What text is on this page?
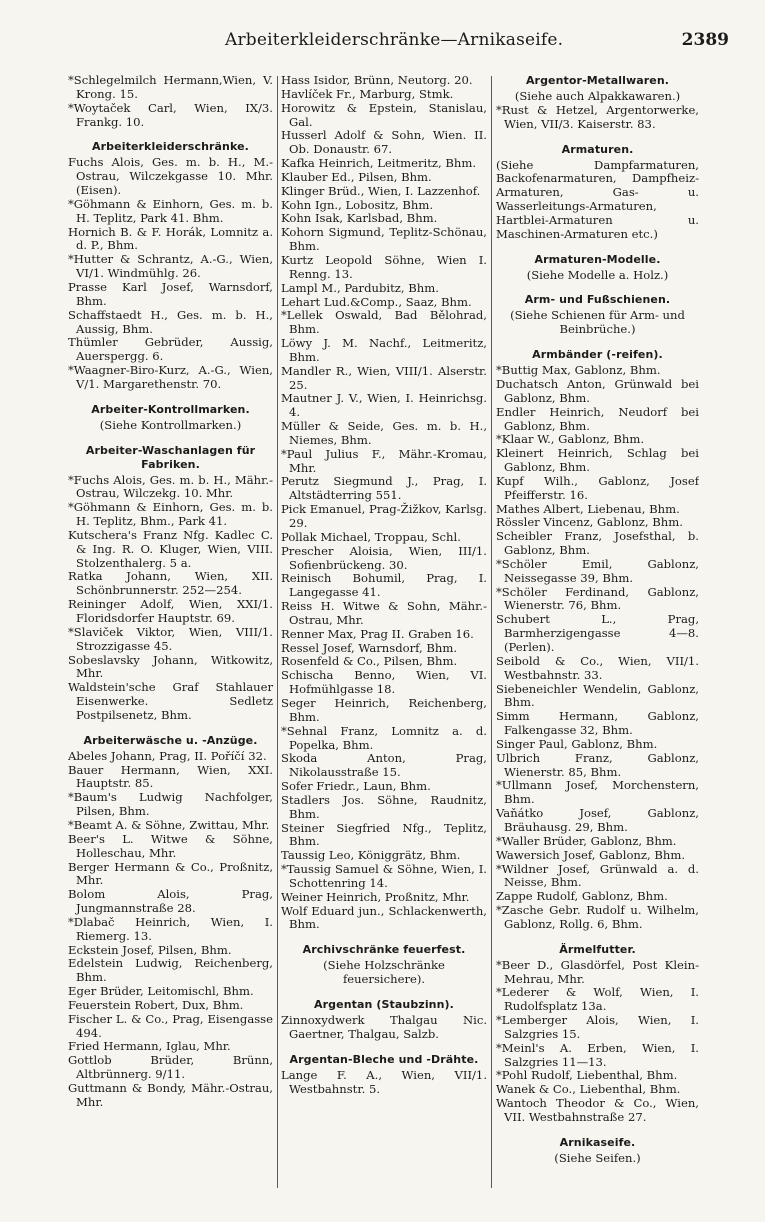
Arbeiterkleiderschränke—Arnikaseife.	2389

*Schlegelmilch Hermann,Wien, V. Krong. 15.

*Woytaček Carl, Wien, IX/3. Frankg. 10.

Arbeiterkleiderschränke.

Fuchs Alois, Ges. m. b. H., M.-Ostrau, Wilczekgasse 10. Mhr. (Eisen).

*Göhmann & Einhorn, Ges. m. b. H. Teplitz, Park 41. Bhm.

Hornich B. & F. Horák, Lomnitz a. d. P., Bhm.

*Hutter & Schrantz, A.-G., Wien, VI/1. Windmühlg. 26.

Prasse Karl Josef, Warnsdorf, Bhm.

Schaffstaedt H., Ges. m. b. H., Aussig, Bhm.

Thümler Gebrüder, Aussig, Auerspergg. 6.

*Waagner-Biro-Kurz, A.-G., Wien, V/1. Margarethenstr. 70.

Arbeiter-Kontrollmarken.

(Siehe Kontrollmarken.)

Arbeiter-Waschanlagen für Fabriken.

*Fuchs Alois, Ges. m. b. H., Mähr.-Ostrau, Wilczekg. 10. Mhr.

*Göhmann & Einhorn, Ges. m. b. H. Teplitz, Bhm., Park 41.

Kutschera's Franz Nfg. Kadlec C. & Ing. R. O. Kluger, Wien, VIII. Stolzenthalerg. 5 a.

Ratka Johann, Wien, XII. Schönbrunnerstr. 252—254.

Reininger Adolf, Wien, XXI/1. Floridsdorfer Hauptstr. 69.

*Slaviček Viktor, Wien, VIII/1. Strozzigasse 45.

Sobeslavsky Johann, Witkowitz, Mhr.

Waldstein'sche Graf Stahlauer Eisenwerke. Sedletz Postpilsenetz, Bhm.

Arbeiterwäsche u. -Anzüge.

Abeles Johann, Prag, II. Poříčí 32.

Bauer Hermann, Wien, XXI. Hauptstr. 85.

*Baum's Ludwig Nachfolger, Pilsen, Bhm.

*Beamt A. & Söhne, Zwittau, Mhr.

Beer's L. Witwe & Söhne, Holleschau, Mhr.

Berger Hermann & Co., Proßnitz, Mhr.

Bolom Alois, Prag, Jungmannstraße 28.

*Dlabač Heinrich, Wien, I. Riemerg. 13.

Eckstein Josef, Pilsen, Bhm.

Edelstein Ludwig, Reichenberg, Bhm.

Eger Brüder, Leitomischl, Bhm.

Feuerstein Robert, Dux, Bhm.

Fischer L. & Co., Prag, Eisengasse 494.

Fried Hermann, Iglau, Mhr.

Gottlob Brüder, Brünn, Altbrünnerg. 9/11.

Guttmann & Bondy, Mähr.-Ostrau, Mhr.

Hass Isidor, Brünn, Neutorg. 20.

Havlíček Fr., Marburg, Stmk.

Horowitz & Epstein, Stanislau, Gal.

Husserl Adolf & Sohn, Wien. II. Ob. Donaustr. 67.

Kafka Heinrich, Leitmeritz, Bhm.

Klauber Ed., Pilsen, Bhm.

Klinger Brüd., Wien, I. Lazzenhof.

Kohn Ign., Lobositz, Bhm.

Kohn Isak, Karlsbad, Bhm.

Kohorn Sigmund, Teplitz-Schönau, Bhm.

Kurtz Leopold Söhne, Wien I. Renng. 13.

Lampl M., Pardubitz, Bhm.

Lehart Lud.&Comp., Saaz, Bhm.

*Lellek Oswald, Bad Bělohrad, Bhm.

Löwy J. M. Nachf., Leitmeritz, Bhm.

Mandler R., Wien, VIII/1. Alserstr. 25.

Mautner J. V., Wien, I. Heinrichsg. 4.

Müller & Seide, Ges. m. b. H., Niemes, Bhm.

*Paul Julius F., Mähr.-Kromau, Mhr.

Perutz Siegmund J., Prag, I. Altstädterring 551.

Pick Emanuel, Prag-Žižkov, Karlsg. 29.

Pollak Michael, Troppau, Schl.

Prescher Aloisia, Wien, III/1. Sofienbrückeng. 30.

Reinisch Bohumil, Prag, I. Langegasse 41.

Reiss H. Witwe & Sohn, Mähr.-Ostrau, Mhr.

Renner Max, Prag II. Graben 16.

Ressel Josef, Warnsdorf, Bhm.

Rosenfeld & Co., Pilsen, Bhm.

Schischa Benno, Wien, VI. Hofmühlgasse 18.

Seger Heinrich, Reichenberg, Bhm.

*Sehnal Franz, Lomnitz a. d. Popelka, Bhm.

Skoda Anton, Prag, Nikolausstraße 15.

Sofer Friedr., Laun, Bhm.

Stadlers Jos. Söhne, Raudnitz, Bhm.

Steiner Siegfried Nfg., Teplitz, Bhm.

Taussig Leo, Königgrätz, Bhm.

*Taussig Samuel & Söhne, Wien, I. Schottenring 14.

Weiner Heinrich, Proßnitz, Mhr.

Wolf Eduard jun., Schlackenwerth, Bhm.

Archivschränke feuerfest.

(Siehe Holzschränke feuersichere).

Argentan (Staubzinn).

Zinnoxydwerk Thalgau Nic. Gaertner, Thalgau, Salzb.

Argentan-Bleche und -Drähte.

Lange F. A., Wien, VII/1. Westbahnstr. 5.

Argentor-Metallwaren.

(Siehe auch Alpakkawaren.)

*Rust & Hetzel, Argentorwerke, Wien, VII/3. Kaiserstr. 83.

Armaturen.

(Siehe Dampfarmaturen, Backofenarmaturen, Dampfheiz-Armaturen, Gas- u. Wasserleitungs-Armaturen, Hartblei-Armaturen u. Maschinen-Armaturen etc.)

Armaturen-Modelle.

(Siehe Modelle a. Holz.)

Arm- und Fußschienen.

(Siehe Schienen für Arm- und Beinbrüche.)

Armbänder (-reifen).

*Buttig Max, Gablonz, Bhm.

Duchatsch Anton, Grünwald bei Gablonz, Bhm.

Endler Heinrich, Neudorf bei Gablonz, Bhm.

*Klaar W., Gablonz, Bhm.

Kleinert Heinrich, Schlag bei Gablonz, Bhm.

Kupf Wilh., Gablonz, Josef Pfeifferstr. 16.

Mathes Albert, Liebenau, Bhm.

Rössler Vincenz, Gablonz, Bhm.

Scheibler Franz, Josefsthal, b. Gablonz, Bhm.

*Schöler Emil, Gablonz, Neissegasse 39, Bhm.

*Schöler Ferdinand, Gablonz, Wienerstr. 76, Bhm.

Schubert L., Prag, Barmherzigengasse 4—8. (Perlen).

Seibold & Co., Wien, VII/1. Westbahnstr. 33.

Siebeneichler Wendelin, Gablonz, Bhm.

Simm Hermann, Gablonz, Falkengasse 32, Bhm.

Singer Paul, Gablonz, Bhm.

Ulbrich Franz, Gablonz, Wienerstr. 85, Bhm.

*Ullmann Josef, Morchenstern, Bhm.

Vaňátko Josef, Gablonz, Bräuhausg. 29, Bhm.

*Waller Brüder, Gablonz, Bhm.

Wawersich Josef, Gablonz, Bhm.

*Wildner Josef, Grünwald a. d. Neisse, Bhm.

Zappe Rudolf, Gablonz, Bhm.

*Zasche Gebr. Rudolf u. Wilhelm, Gablonz, Rollg. 6, Bhm.

Ärmelfutter.

*Beer D., Glasdörfel, Post Klein-Mehrau, Mhr.

*Lederer & Wolf, Wien, I. Rudolfsplatz 13a.

*Lemberger Alois, Wien, I. Salzgries 15.

*Meinl's A. Erben, Wien, I. Salzgries 11—13.

*Pohl Rudolf, Liebenthal, Bhm.

Wanek & Co., Liebenthal, Bhm.

Wantoch Theodor & Co., Wien, VII. Westbahnstraße 27.

Arnikaseife.

(Siehe Seifen.)
